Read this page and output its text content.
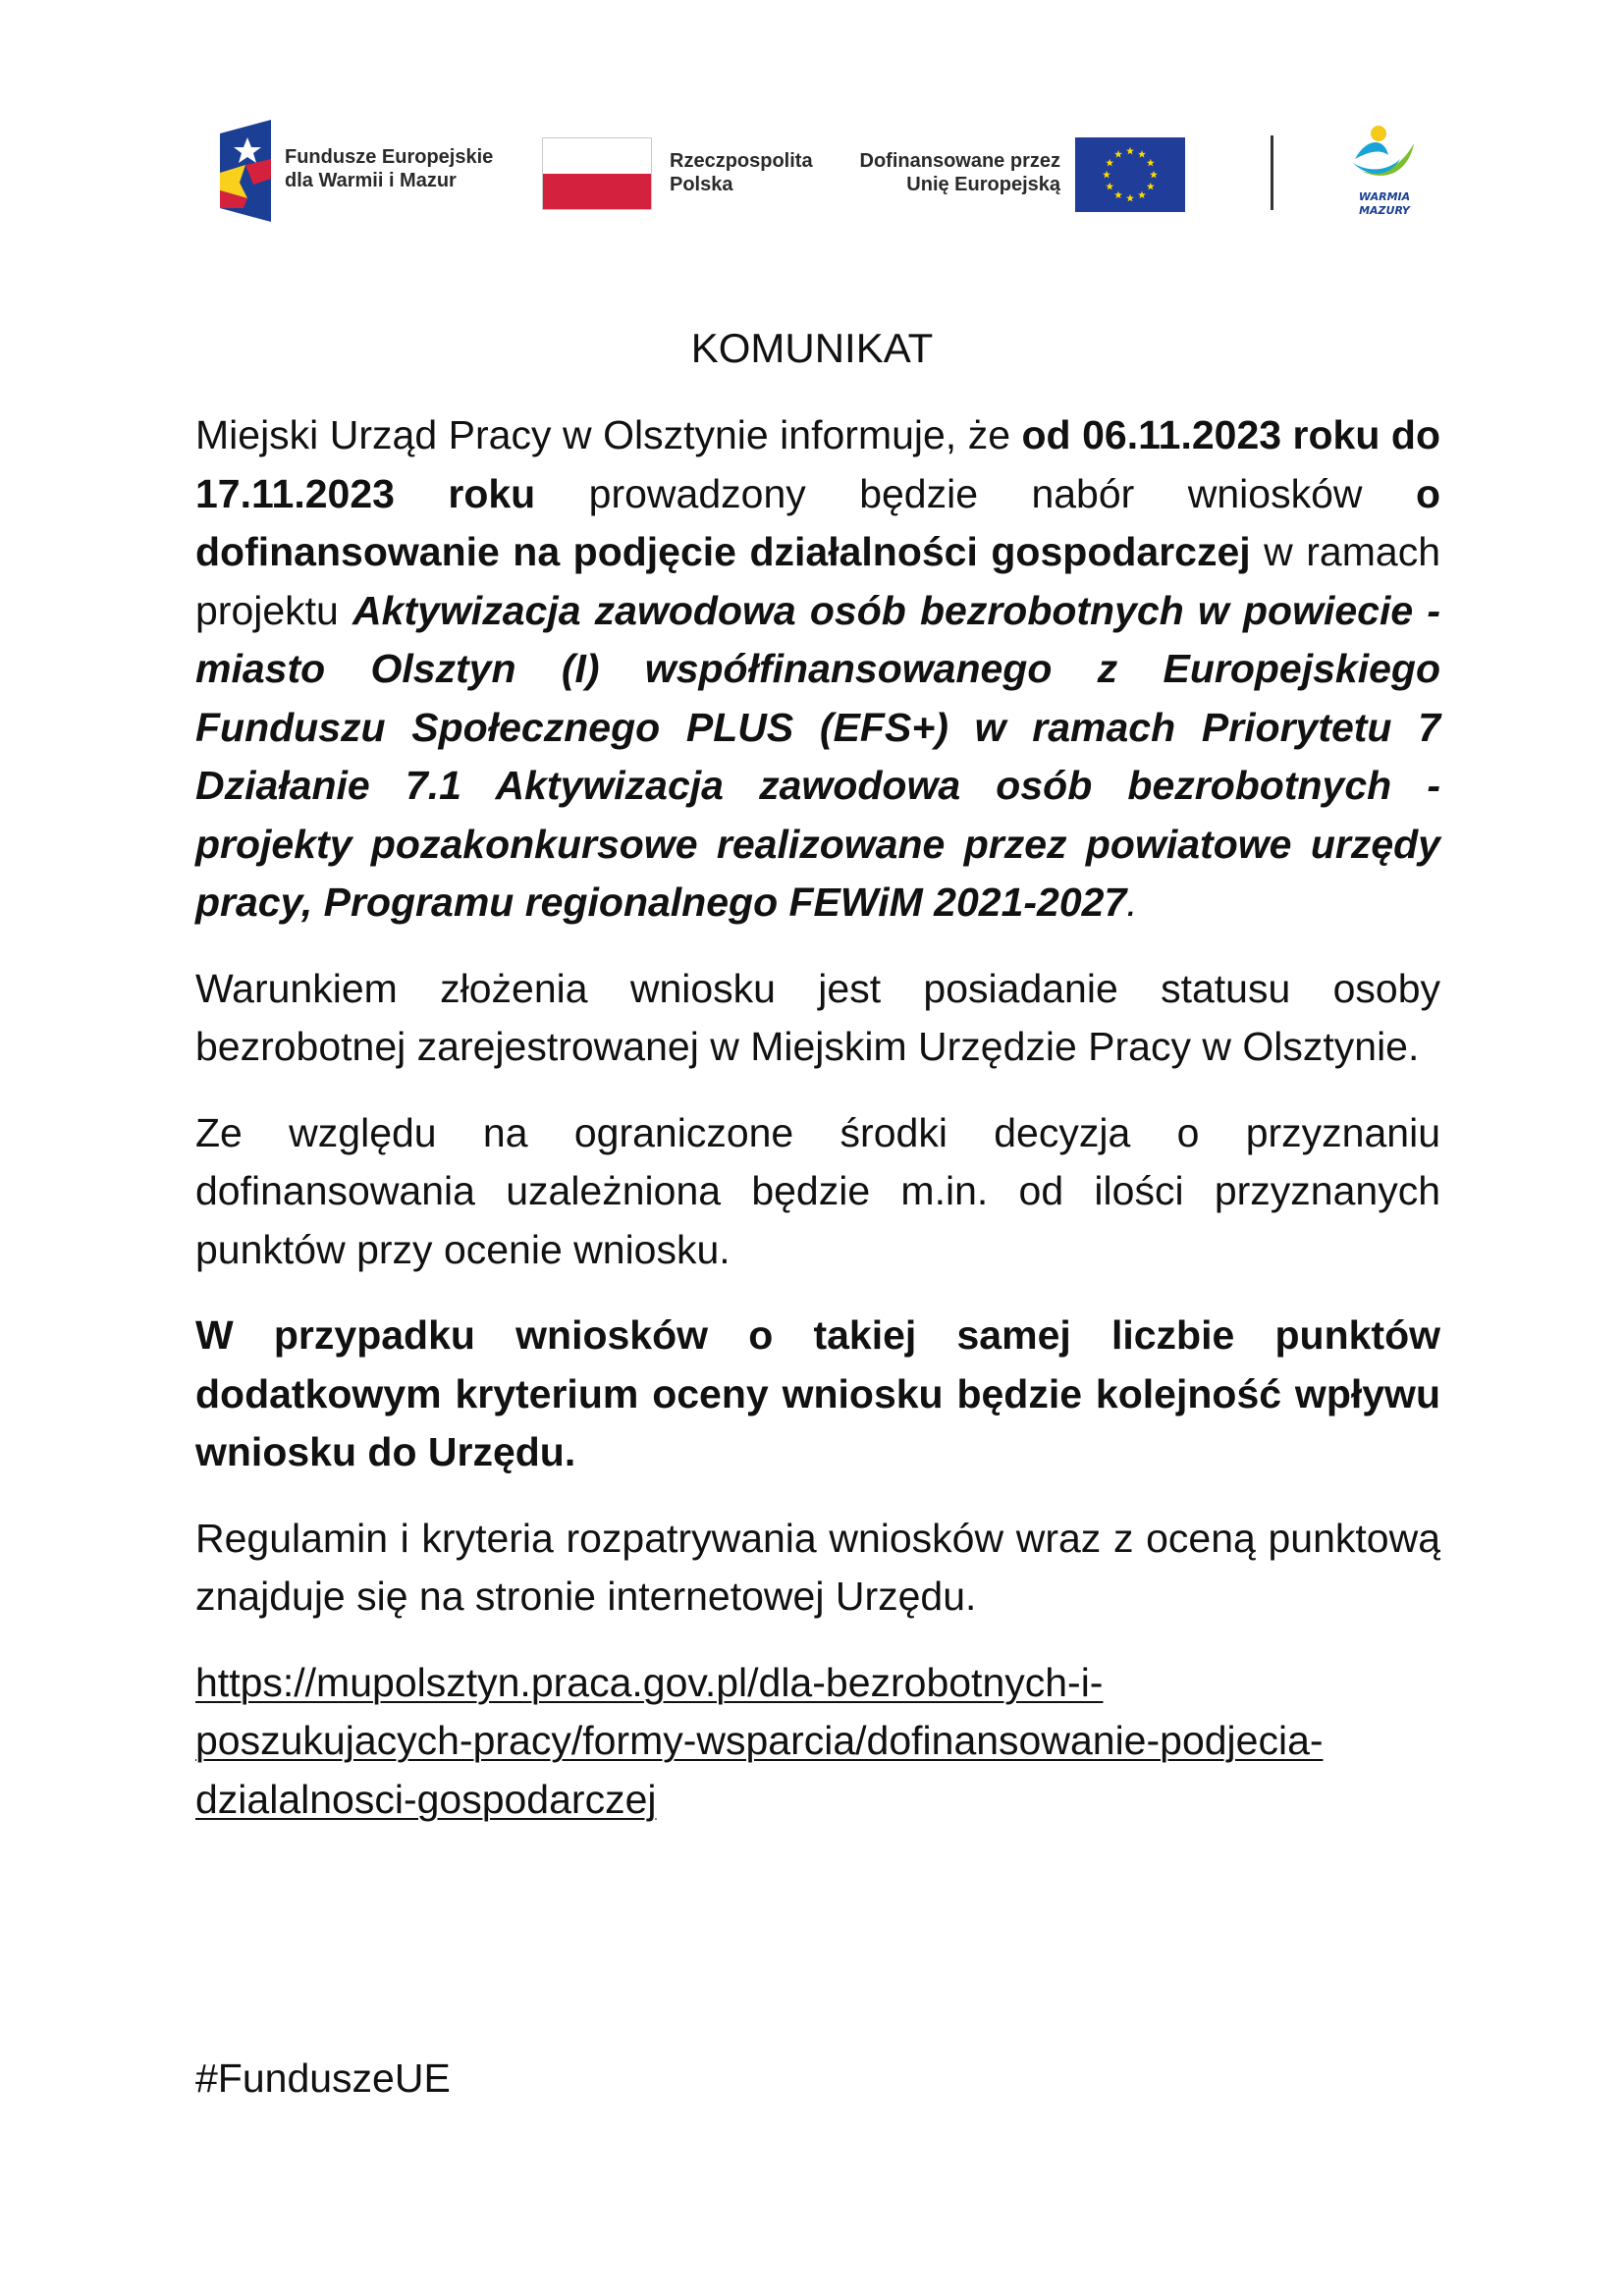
Fundusze Europejskie
dla Warmii i Mazur
Rzeczpospolita
Polska
Dofinansowane przez
Unię Europejską
WARMIA
MAZURY
KOMUNIKAT

Miejski Urząd Pracy w Olsztynie informuje, że od 06.11.2023 roku do 17.11.2023 roku prowadzony będzie nabór wniosków o dofinansowanie na podjęcie działalności gospodarczej w ramach projektu Aktywizacja zawodowa osób bezrobotnych w powiecie - miasto Olsztyn (I) współfinansowanego z Europejskiego Funduszu Społecznego PLUS (EFS+) w ramach Priorytetu 7 Działanie 7.1 Aktywizacja zawodowa osób bezrobotnych - projekty pozakonkursowe realizowane przez powiatowe urzędy pracy, Programu regionalnego FEWiM 2021-2027.

Warunkiem złożenia wniosku jest posiadanie statusu osoby bezrobotnej zarejestrowanej w Miejskim Urzędzie Pracy w Olsztynie.

Ze względu na ograniczone środki decyzja o przyznaniu dofinansowania uzależniona będzie m.in. od ilości przyznanych punktów przy ocenie wniosku.

W przypadku wniosków o takiej samej liczbie punktów dodatkowym kryterium oceny wniosku będzie kolejność wpływu wniosku do Urzędu.

Regulamin i kryteria rozpatrywania wniosków wraz z oceną punktową znajduje się na stronie internetowej Urzędu.

https://mupolsztyn.praca.gov.pl/dla-bezrobotnych-i-
poszukujacych-pracy/formy-wsparcia/dofinansowanie-podjecia-
dzialalnosci-gospodarczej

#FunduszeUE
